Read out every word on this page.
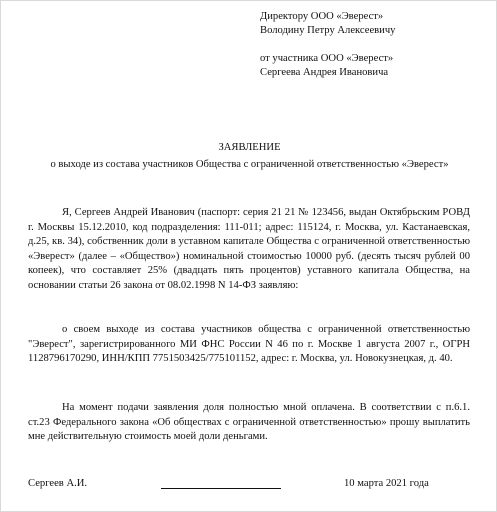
Директору ООО «Эверест»
Володину Петру Алексеевичу
от участника ООО «Эверест»
Сергеева Андрея Ивановича
ЗАЯВЛЕНИЕ
о выходе из состава участников Общества с ограниченной ответственностью «Эверест»
Я, Сергеев Андрей Иванович (паспорт: серия 21 21 № 123456, выдан Октябрьским РОВД г. Москвы 15.12.2010, код подразделения: 111-011; адрес: 115124, г. Москва, ул. Кастанаевская, д.25, кв. 34), собственник доли в уставном капитале Общества с ограниченной ответственностью «Эверест» (далее – «Общество») номинальной стоимостью 10000 руб. (десять тысяч рублей 00 копеек), что составляет 25% (двадцать пять процентов) уставного капитала Общества, на основании статьи 26 закона от 08.02.1998 N 14-ФЗ заявляю:
о своем выходе из состава участников общества с ограниченной ответственностью "Эверест", зарегистрированного МИ ФНС России N 46 по г. Москве 1 августа 2007 г., ОГРН 1128796170290, ИНН/КПП 7751503425/775101152, адрес: г. Москва, ул. Новокузнецкая, д. 40.
На момент подачи заявления доля полностью мной оплачена. В соответствии с п.6.1. ст.23 Федерального закона «Об обществах с ограниченной ответственностью» прошу выплатить мне действительную стоимость моей доли деньгами.
Сергеев А.И.	10 марта 2021 года
